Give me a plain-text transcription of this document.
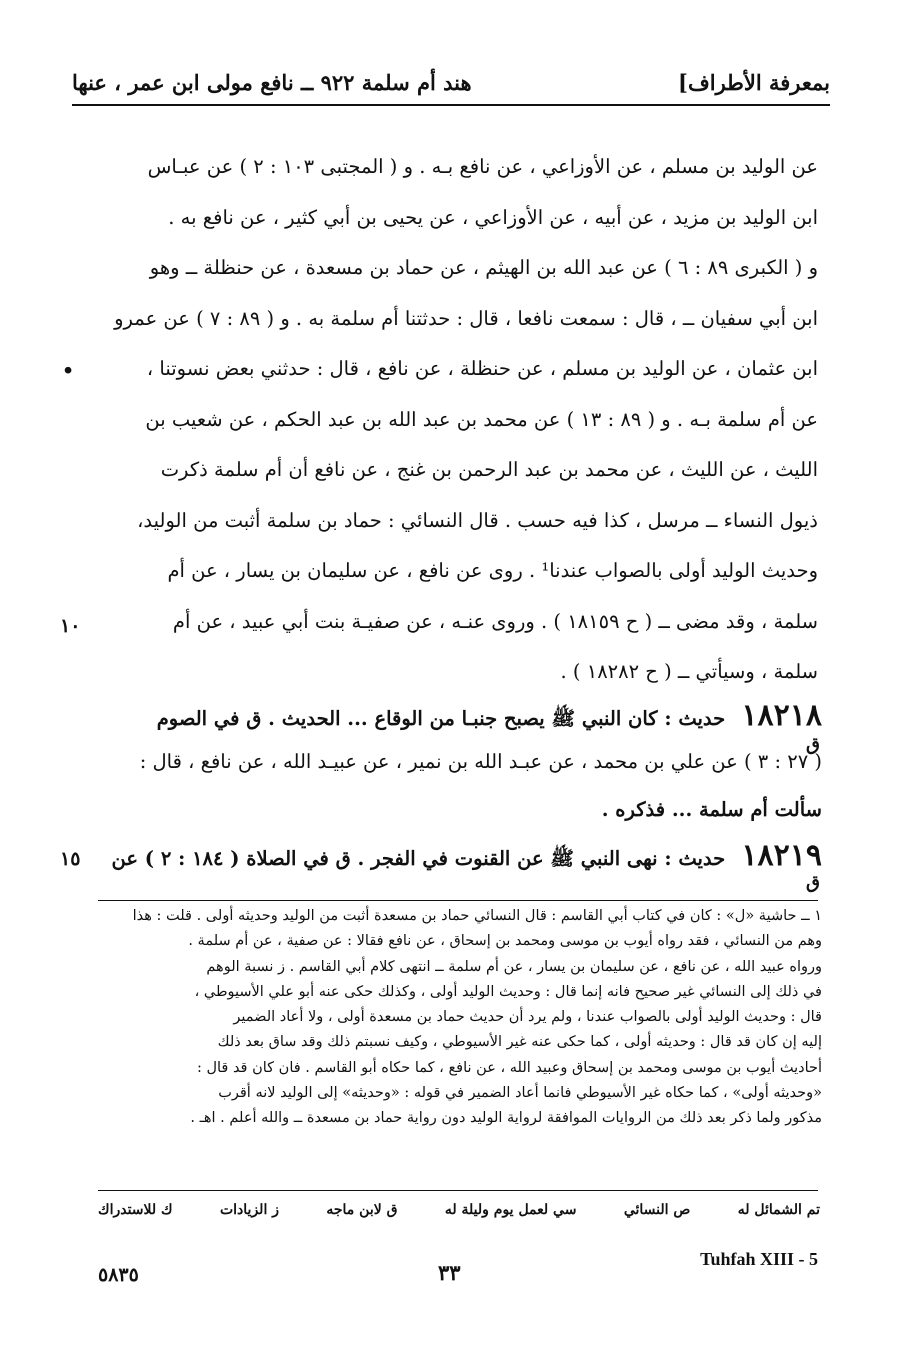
بمعرفة الأطراف]
هند أم سلمة ٩٢٢ ــ نافع مولى ابن عمر ، عنها
عن الوليد بن مسلم ، عن الأوزاعي ، عن نافع بـه . و ( المجتبى ١٠٣ : ٢ ) عن عبـاس
ابن الوليد بن مزيد ، عن أبيه ، عن الأوزاعي ، عن يحيى بن أبي كثير ، عن نافع به .
و ( الكبرى ٨٩ : ٦ ) عن عبد الله بن الهيثم ، عن حماد بن مسعدة ، عن حنظلة ــ وهو
ابن أبي سفيان ــ ، قال : سمعت نافعا ، قال : حدثتنا أم سلمة به . و ( ٨٩ : ٧ ) عن عمرو
ابن عثمان ، عن الوليد بن مسلم ، عن حنظلة ، عن نافع ، قال : حدثني بعض نسوتنا ،
عن أم سلمة بـه . و ( ٨٩ : ١٣ ) عن محمد بن عبد الله بن عبد الحكم ، عن شعيب بن
الليث ، عن الليث ، عن محمد بن عبد الرحمن بن غنج ، عن نافع أن أم سلمة ذكرت
ذيول النساء ــ مرسل ، كذا فيه حسب . قال النسائي : حماد بن سلمة أثبت من الوليد،
وحديث الوليد أولى بالصواب عندنا¹ . روى عن نافع ، عن سليمان بن يسار ، عن أم
سلمة ، وقد مضى ــ ( ح ١٨١٥٩ ) . وروى عنـه ، عن صفيـة بنت أبي عبيد ، عن أم
سلمة ، وسيأتي ــ ( ح ١٨٢٨٢ ) .
•
١٠
١٨٢١٨ حديث : كان النبي ﷺ يصبح جنبـا من الوقاع ... الحديث . ق في الصوم
( ٢٧ : ٣ ) عن علي بن محمد ، عن عبـد الله بن نمير ، عن عبيـد الله ، عن نافع ، قال :
سألت أم سلمة ... فذكره .
ق
١٨٢١٩ حديث : نهى النبي ﷺ عن القنوت في الفجر . ق في الصلاة ( ١٨٤ : ٢ ) عن
ق
١٥
١ ــ حاشية «ل» : كان في كتاب أبي القاسم : قال النسائي حماد بن مسعدة أثبت من الوليد وحديثه أولى . قلت : هذا
وهم من النسائي ، فقد رواه أيوب بن موسى ومحمد بن إسحاق ، عن نافع فقالا : عن صفية ، عن أم سلمة .
ورواه عبيد الله ، عن نافع ، عن سليمان بن يسار ، عن أم سلمة ــ انتهى كلام أبي القاسم . ز نسبة الوهم
في ذلك إلى النسائي غير صحيح فانه إنما قال : وحديث الوليد أولى ، وكذلك حكى عنه أبو علي الأسيوطي ،
قال : وحديث الوليد أولى بالصواب عندنا ، ولم يرد أن حديث حماد بن مسعدة أولى ، ولا أعاد الضمير
إليه إن كان قد قال : وحديثه أولى ، كما حكى عنه غير الأسيوطي ، وكيف نسبتم ذلك وقد ساق بعد ذلك
أحاديث أيوب بن موسى ومحمد بن إسحاق وعبيد الله ، عن نافع ، كما حكاه أبو القاسم . فان كان قد قال :
«وحديثه أولى» ، كما حكاه غير الأسيوطي فانما أعاد الضمير في قوله : «وحديثه» إلى الوليد لانه أقرب
مذكور ولما ذكر بعد ذلك من الروايات الموافقة لرواية الوليد دون رواية حماد بن مسعدة ــ والله أعلم . اهـ .
تم الشمائل له
ص النسائي
سي لعمل يوم وليلة له
ق لابن ماجه
ز الزيادات
ك للاستدراك
Tuhfah XIII - 5
٣٣
٥٨٣٥
